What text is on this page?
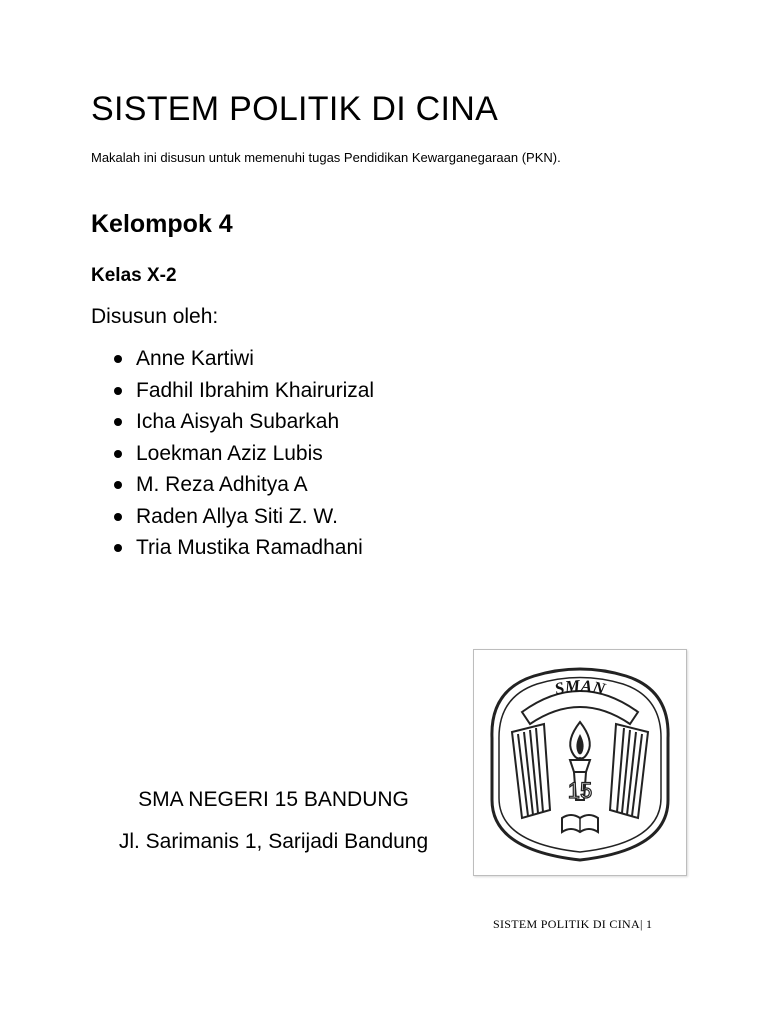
SISTEM POLITIK DI CINA
Makalah ini disusun untuk memenuhi tugas Pendidikan Kewarganegaraan (PKN).
Kelompok 4
Kelas X-2
Disusun oleh:
Anne Kartiwi
Fadhil Ibrahim Khairurizal
Icha Aisyah Subarkah
Loekman Aziz Lubis
M. Reza Adhitya A
Raden Allya Siti Z. W.
Tria Mustika Ramadhani
SMA NEGERI 15 BANDUNG
Jl. Sarimanis 1, Sarijadi Bandung
SMAN
15
SISTEM POLITIK DI CINA| 1
